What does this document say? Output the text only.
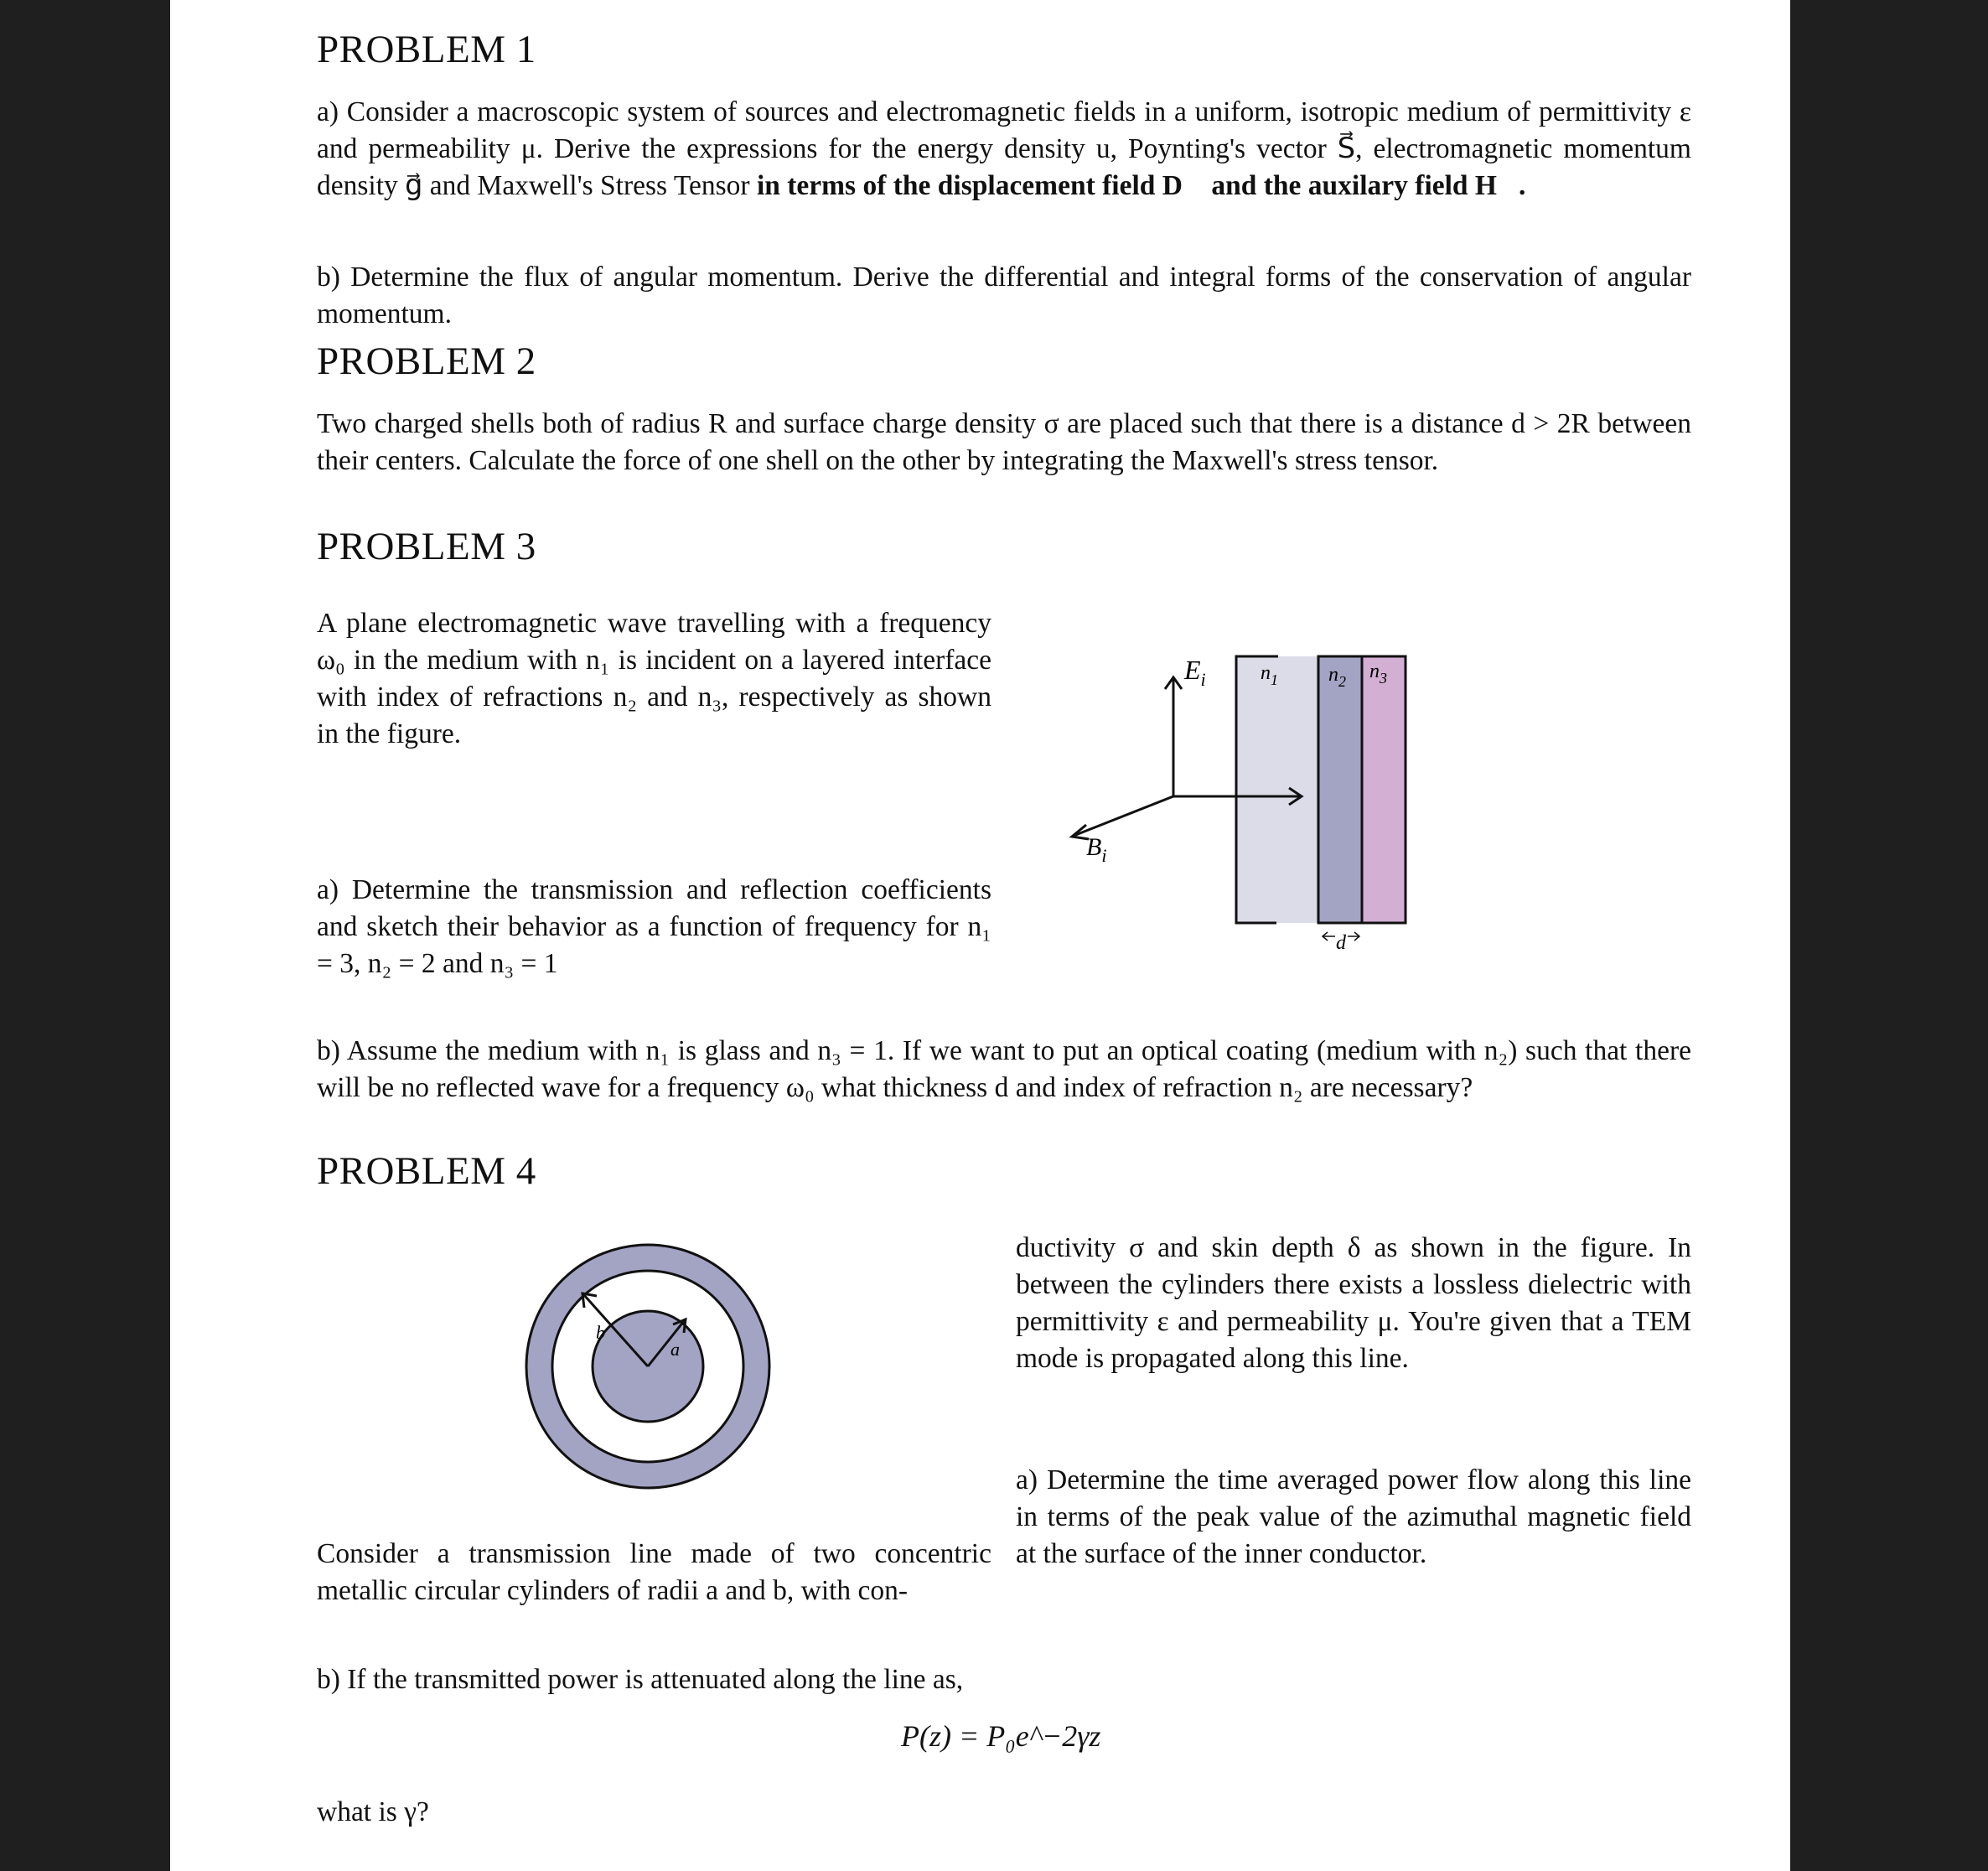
PROBLEM 1
a) Consider a macroscopic system of sources and electromagnetic fields in a uniform, isotropic medium of permittivity ε and permeability μ. Derive the expressions for the energy density u, Poynting's vector S⃗, electromagnetic momentum density g⃗ and Maxwell's Stress Tensor in terms of the displacement field D⃗ and the auxilary field H⃗.
b) Determine the flux of angular momentum. Derive the differential and integral forms of the conservation of angular momentum.
PROBLEM 2
Two charged shells both of radius R and surface charge density σ are placed such that there is a distance d > 2R between their centers. Calculate the force of one shell on the other by integrating the Maxwell's stress tensor.
PROBLEM 3
A plane electromagnetic wave travelling with a frequency ω₀ in the medium with n₁ is incident on a layered interface with index of refractions n₂ and n₃, respectively as shown in the figure.
a) Determine the transmission and reflection coefficients and sketch their behavior as a function of frequency for n₁ = 3, n₂ = 2 and n₃ = 1
$E_i$
$B_i$
$n_1$	$n_2$ $n_3$
d
b) Assume the medium with n₁ is glass and n₃ = 1. If we want to put an optical coating (medium with n₂) such that there will be no reflected wave for a frequency ω₀ what thickness d and index of refraction n₂ are necessary?
PROBLEM 4
b
a
ductivity σ and skin depth δ as shown in the figure. In between the cylinders there exists a lossless dielectric with permittivity ε and permeability μ. You're given that a TEM mode is propagated along this line.
a) Determine the time averaged power flow along this line in terms of the peak value of the azimuthal magnetic field at the surface of the inner conductor.
Consider a transmission line made of two concentric metallic circular cylinders of radii a and b, with con-
b) If the transmitted power is attenuated along the line as,
P(z) = P₀e^−2γz
what is γ?
